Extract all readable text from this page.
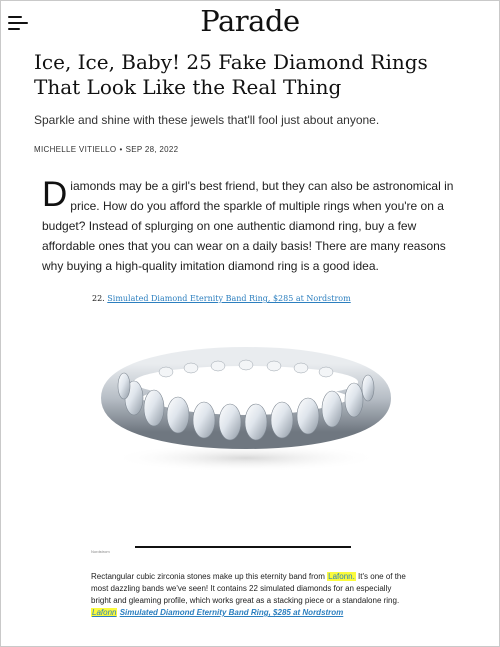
Parade
Ice, Ice, Baby! 25 Fake Diamond Rings That Look Like the Real Thing
Sparkle and shine with these jewels that'll fool just about anyone.
MICHELLE VITIELLO • SEP 28, 2022

Diamonds may be a girl's best friend, but they can also be astronomical in price. How do you afford the sparkle of multiple rings when you're on a budget? Instead of splurging on one authentic diamond ring, buy a few affordable ones that you can wear on a daily basis! There are many reasons why buying a high-quality imitation diamond ring is a good idea.

22. Simulated Diamond Eternity Band Ring, $285 at Nordstrom
Nordstrom

Rectangular cubic zirconia stones make up this eternity band from Lafonn. It's one of the most dazzling bands we've seen! It contains 22 simulated diamonds for an especially bright and gleaming profile, which works great as a stacking piece or a standalone ring.
Lafonn Simulated Diamond Eternity Band Ring, $285 at Nordstrom
